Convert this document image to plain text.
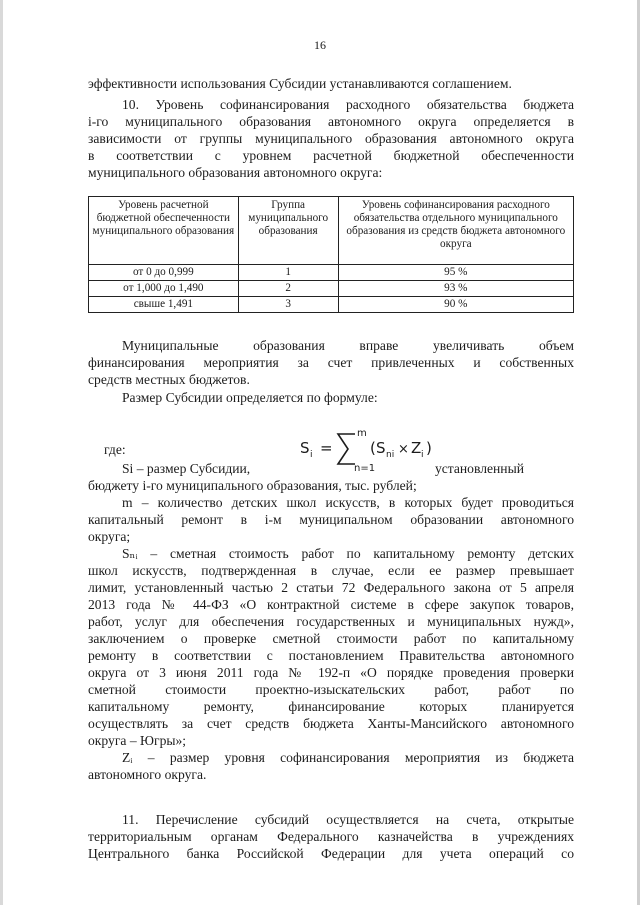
16
эффективности использования Субсидии устанавливаются соглашением.
10. Уровень софинансирования расходного обязательства бюджета
i-го муниципального образования автономного округа определяется в
зависимости от группы муниципального образования автономного округа
в соответствии с уровнем расчетной бюджетной обеспеченности
муниципального образования автономного округа:
Уровень расчетной бюджетной обеспеченности муниципального образования	Группа муниципального образования	Уровень софинансирования расходного обязательства отдельного муниципального образования из средств бюджета автономного округа
от 0 до 0,999	1	95 %
от 1,000 до 1,490	2	93 %
свыше 1,491	3	90 %
Муниципальные образования вправе увеличивать объем
финансирования мероприятия за счет привлеченных и собственных
средств местных бюджетов.
Размер Субсидии определяется по формуле:
S i =
m
n=1
( S ni × Z i )
где:
Si – размер Субсидии,	установленный
бюджету i-го муниципального образования, тыс. рублей;
m – количество детских школ искусств, в которых будет проводиться
капитальный ремонт в i-м муниципальном образовании автономного
округа;
Sₙᵢ – сметная стоимость работ по капитальному ремонту детских
школ искусств, подтвержденная в случае, если ее размер превышает
лимит, установленный частью 2 статьи 72 Федерального закона от 5 апреля
2013 года № 44-ФЗ «О контрактной системе в сфере закупок товаров,
работ, услуг для обеспечения государственных и муниципальных нужд»,
заключением о проверке сметной стоимости работ по капитальному
ремонту в соответствии с постановлением Правительства автономного
округа от 3 июня 2011 года № 192-п «О порядке проведения проверки
сметной стоимости проектно-изыскательских работ, работ по
капитальному ремонту, финансирование которых планируется
осуществлять за счет средств бюджета Ханты-Мансийского автономного
округа – Югры»;
Zᵢ – размер уровня софинансирования мероприятия из бюджета
автономного округа.
11. Перечисление субсидий осуществляется на счета, открытые
территориальным органам Федерального казначейства в учреждениях
Центрального банка Российской Федерации для учета операций со
